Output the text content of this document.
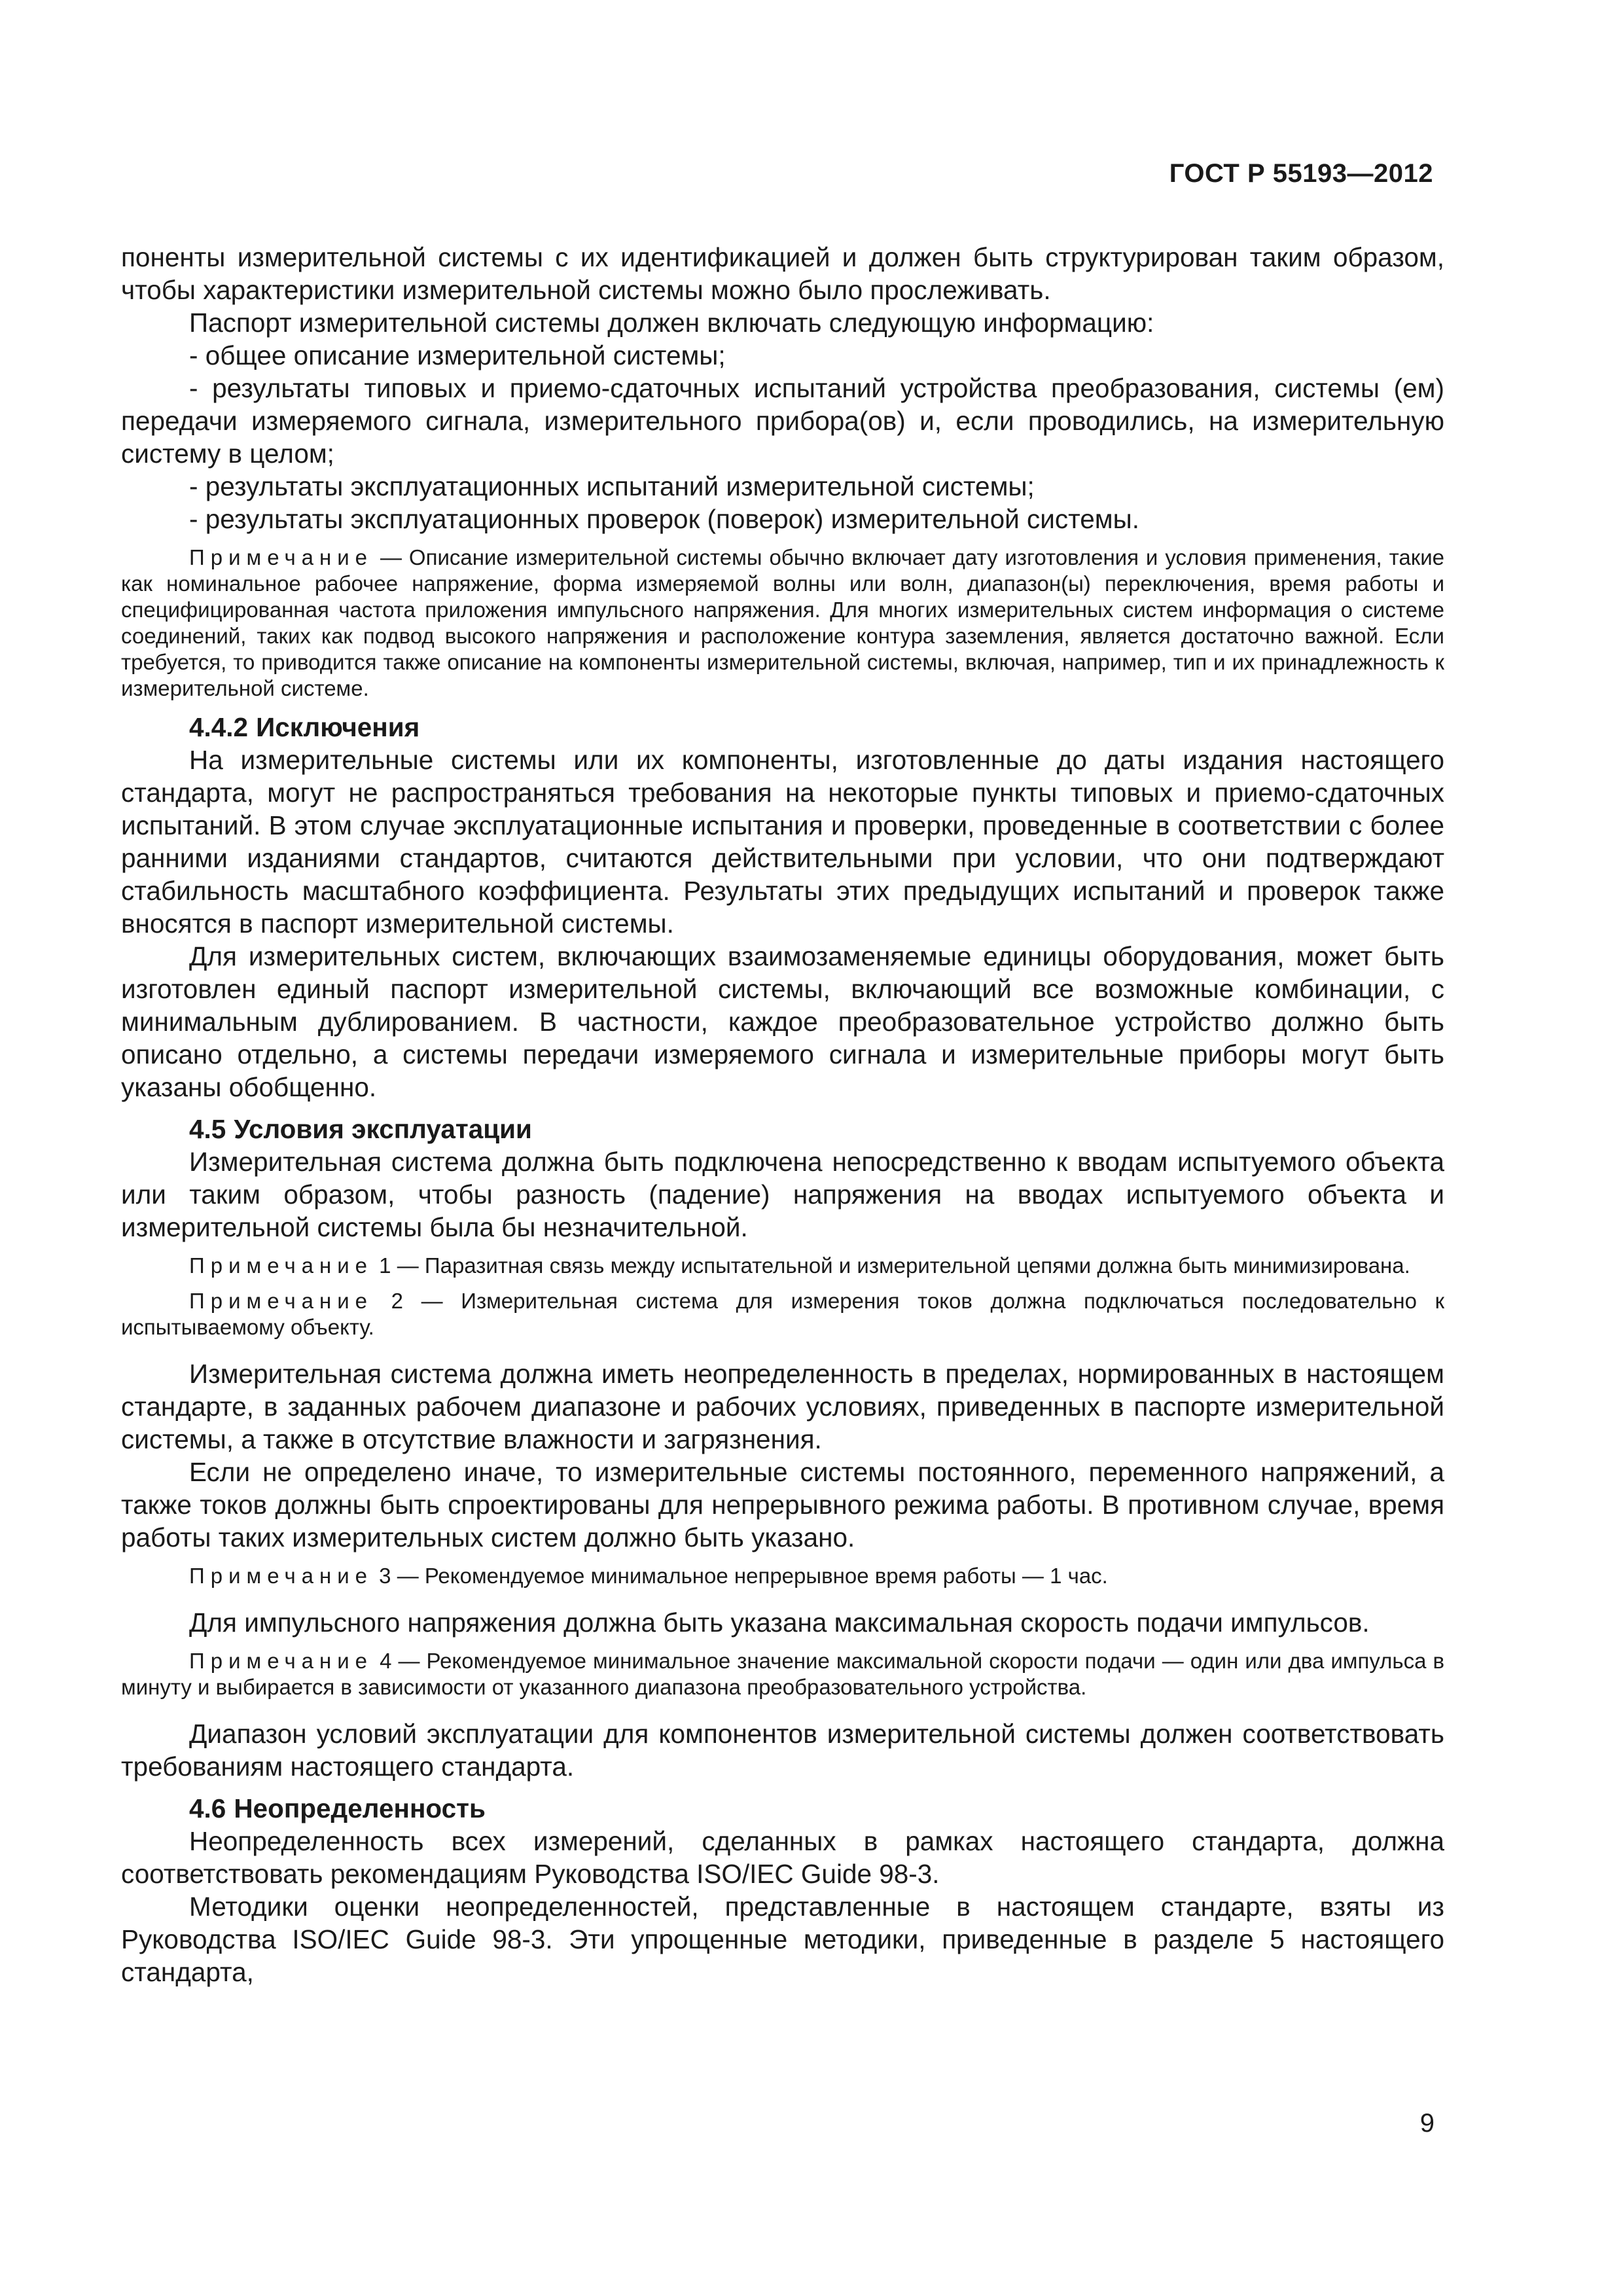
ГОСТ Р 55193—2012

поненты измерительной системы с их идентификацией и должен быть структурирован таким образом, чтобы характеристики измерительной системы можно было прослеживать.

Паспорт измерительной системы должен включать следующую информацию:

- общее описание измерительной системы;

- результаты типовых и приемо-сдаточных испытаний устройства преобразования, системы (ем) передачи измеряемого сигнала, измерительного прибора(ов) и, если проводились, на измерительную систему в целом;

- результаты эксплуатационных испытаний измерительной системы;

- результаты эксплуатационных проверок (поверок) измерительной системы.

Примечание — Описание измерительной системы обычно включает дату изготовления и условия применения, такие как номинальное рабочее напряжение, форма измеряемой волны или волн, диапазон(ы) переключения, время работы и специфицированная частота приложения импульсного напряжения. Для многих измерительных систем информация о системе соединений, таких как подвод высокого напряжения и расположение контура заземления, является достаточно важной. Если требуется, то приводится также описание на компоненты измерительной системы, включая, например, тип и их принадлежность к измерительной системе.

4.4.2 Исключения

На измерительные системы или их компоненты, изготовленные до даты издания настоящего стандарта, могут не распространяться требования на некоторые пункты типовых и приемо-сдаточных испытаний. В этом случае эксплуатационные испытания и проверки, проведенные в соответствии с более ранними изданиями стандартов, считаются действительными при условии, что они подтверждают стабильность масштабного коэффициента. Результаты этих предыдущих испытаний и проверок также вносятся в паспорт измерительной системы.

Для измерительных систем, включающих взаимозаменяемые единицы оборудования, может быть изготовлен единый паспорт измерительной системы, включающий все возможные комбинации, с минимальным дублированием. В частности, каждое преобразовательное устройство должно быть описано отдельно, а системы передачи измеряемого сигнала и измерительные приборы могут быть указаны обобщенно.

4.5 Условия эксплуатации

Измерительная система должна быть подключена непосредственно к вводам испытуемого объекта или таким образом, чтобы разность (падение) напряжения на вводах испытуемого объекта и измерительной системы была бы незначительной.

Примечание 1 — Паразитная связь между испытательной и измерительной цепями должна быть минимизирована.

Примечание 2 — Измерительная система для измерения токов должна подключаться последовательно к испытываемому объекту.

Измерительная система должна иметь неопределенность в пределах, нормированных в настоящем стандарте, в заданных рабочем диапазоне и рабочих условиях, приведенных в паспорте измерительной системы, а также в отсутствие влажности и загрязнения.

Если не определено иначе, то измерительные системы постоянного, переменного напряжений, а также токов должны быть спроектированы для непрерывного режима работы. В противном случае, время работы таких измерительных систем должно быть указано.

Примечание 3 — Рекомендуемое минимальное непрерывное время работы — 1 час.

Для импульсного напряжения должна быть указана максимальная скорость подачи импульсов.

Примечание 4 — Рекомендуемое минимальное значение максимальной скорости подачи — один или два импульса в минуту и выбирается в зависимости от указанного диапазона преобразовательного устройства.

Диапазон условий эксплуатации для компонентов измерительной системы должен соответствовать требованиям настоящего стандарта.

4.6 Неопределенность

Неопределенность всех измерений, сделанных в рамках настоящего стандарта, должна соответствовать рекомендациям Руководства ISO/IEC Guide 98-3.

Методики оценки неопределенностей, представленные в настоящем стандарте, взяты из Руководства ISO/IEC Guide 98-3. Эти упрощенные методики, приведенные в разделе 5 настоящего стандарта,

9
